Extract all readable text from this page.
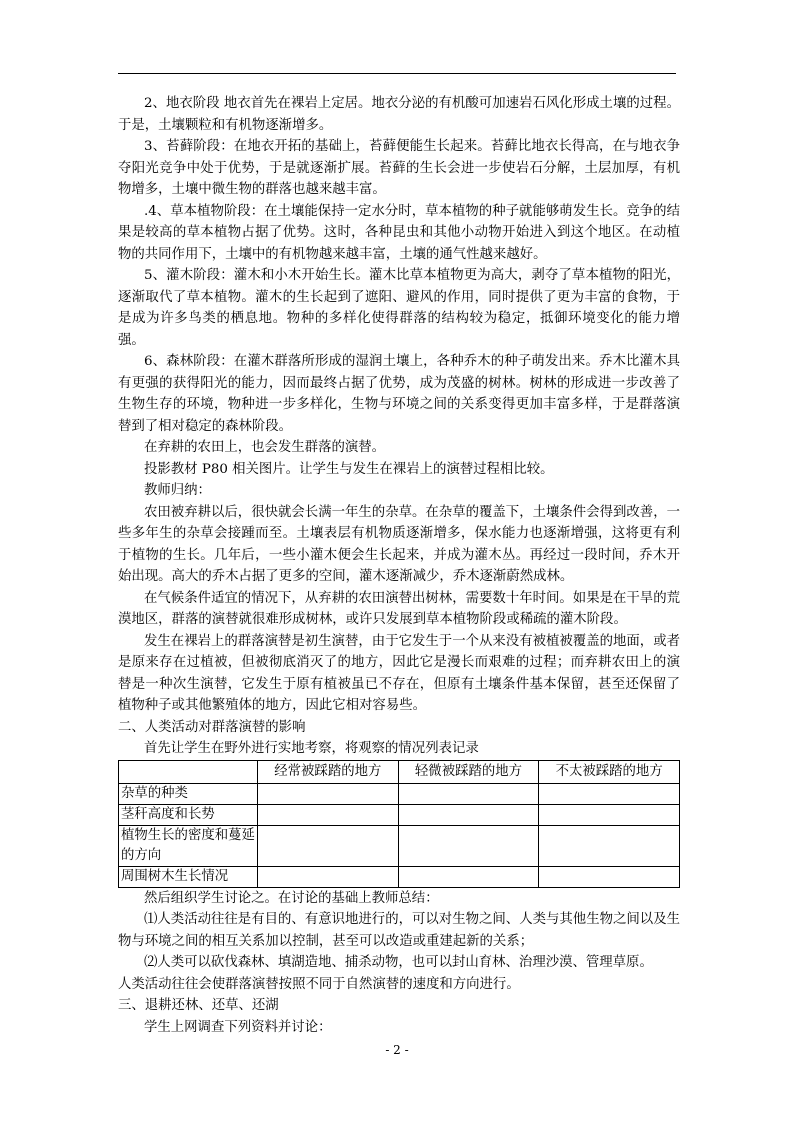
2、地衣阶段 地衣首先在裸岩上定居。地衣分泌的有机酸可加速岩石风化形成土壤的过程。于是，土壤颗粒和有机物逐渐增多。

3、苔藓阶段：在地衣开拓的基础上，苔藓便能生长起来。苔藓比地衣长得高，在与地衣争夺阳光竞争中处于优势，于是就逐渐扩展。苔藓的生长会进一步使岩石分解，土层加厚，有机物增多，土壤中微生物的群落也越来越丰富。

.4、草本植物阶段：在土壤能保持一定水分时，草本植物的种子就能够萌发生长。竞争的结果是较高的草本植物占据了优势。这时，各种昆虫和其他小动物开始进入到这个地区。在动植物的共同作用下，土壤中的有机物越来越丰富，土壤的通气性越来越好。

5、灌木阶段：灌木和小木开始生长。灌木比草本植物更为高大，剥夺了草本植物的阳光，逐渐取代了草本植物。灌木的生长起到了遮阳、避风的作用，同时提供了更为丰富的食物，于是成为许多鸟类的栖息地。物种的多样化使得群落的结构较为稳定，抵御环境变化的能力增强。

6、森林阶段：在灌木群落所形成的湿润土壤上，各种乔木的种子萌发出来。乔木比灌木具有更强的获得阳光的能力，因而最终占据了优势，成为茂盛的树林。树林的形成进一步改善了生物生存的环境，物种进一步多样化，生物与环境之间的关系变得更加丰富多样，于是群落演替到了相对稳定的森林阶段。

在弃耕的农田上，也会发生群落的演替。

投影教材 P80 相关图片。让学生与发生在裸岩上的演替过程相比较。

教师归纳：

农田被弃耕以后，很快就会长满一年生的杂草。在杂草的覆盖下，土壤条件会得到改善，一些多年生的杂草会接踵而至。土壤表层有机物质逐渐增多，保水能力也逐渐增强，这将更有利于植物的生长。几年后，一些小灌木便会生长起来，并成为灌木丛。再经过一段时间，乔木开始出现。高大的乔木占据了更多的空间，灌木逐渐减少，乔木逐渐蔚然成林。

在气候条件适宜的情况下，从弃耕的农田演替出树林，需要数十年时间。如果是在干旱的荒漠地区，群落的演替就很难形成树林，或许只发展到草本植物阶段或稀疏的灌木阶段。

发生在裸岩上的群落演替是初生演替，由于它发生于一个从来没有被植被覆盖的地面，或者是原来存在过植被，但被彻底消灭了的地方，因此它是漫长而艰难的过程；而弃耕农田上的演替是一种次生演替，它发生于原有植被虽已不存在，但原有土壤条件基本保留，甚至还保留了植物种子或其他繁殖体的地方，因此它相对容易些。

二、人类活动对群落演替的影响

首先让学生在野外进行实地考察，将观察的情况列表记录

	经常被踩踏的地方	轻微被踩踏的地方	不太被踩踏的地方
杂草的种类			
茎秆高度和长势			
植物生长的密度和蔓延的方向			
周围树木生长情况			

然后组织学生讨论之。在讨论的基础上教师总结：

⑴人类活动往往是有目的、有意识地进行的，可以对生物之间、人类与其他生物之间以及生物与环境之间的相互关系加以控制，甚至可以改造或重建起新的关系；

⑵人类可以砍伐森林、填湖造地、捕杀动物，也可以封山育林、治理沙漠、管理草原。

人类活动往往会使群落演替按照不同于自然演替的速度和方向进行。

三、退耕还林、还草、还湖

学生上网调查下列资料并讨论：

- 2 -
